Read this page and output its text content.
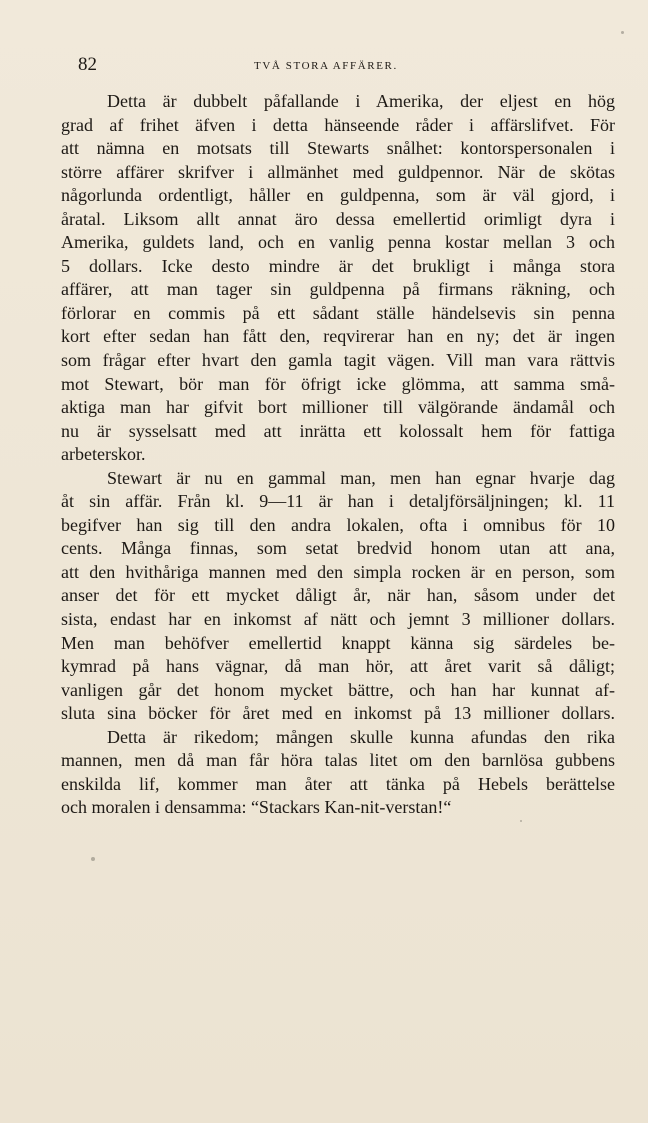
82	TVÅ STORA AFFÄRER.
Detta är dubbelt påfallande i Amerika, der eljest en hög
grad af frihet äfven i detta hänseende råder i affärslifvet. För
att nämna en motsats till Stewarts snålhet: kontorspersonalen i
större affärer skrifver i allmänhet med guldpennor. När de skötas
någorlunda ordentligt, håller en guldpenna, som är väl gjord, i
åratal. Liksom allt annat äro dessa emellertid orimligt dyra i
Amerika, guldets land, och en vanlig penna kostar mellan 3 och
5 dollars. Icke desto mindre är det brukligt i många stora
affärer, att man tager sin guldpenna på firmans räkning, och
förlorar en commis på ett sådant ställe händelsevis sin penna
kort efter sedan han fått den, reqvirerar han en ny; det är ingen
som frågar efter hvart den gamla tagit vägen. Vill man vara rättvis
mot Stewart, bör man för öfrigt icke glömma, att samma små-
aktiga man har gifvit bort millioner till välgörande ändamål och
nu är sysselsatt med att inrätta ett kolossalt hem för fattiga
arbeterskor.
Stewart är nu en gammal man, men han egnar hvarje dag
åt sin affär. Från kl. 9—11 är han i detaljförsäljningen; kl. 11
begifver han sig till den andra lokalen, ofta i omnibus för 10
cents. Många finnas, som setat bredvid honom utan att ana,
att den hvithåriga mannen med den simpla rocken är en person, som
anser det för ett mycket dåligt år, när han, såsom under det
sista, endast har en inkomst af nätt och jemnt 3 millioner dollars.
Men man behöfver emellertid knappt känna sig särdeles be-
kymrad på hans vägnar, då man hör, att året varit så dåligt;
vanligen går det honom mycket bättre, och han har kunnat af-
sluta sina böcker för året med en inkomst på 13 millioner dollars.
Detta är rikedom; mången skulle kunna afundas den rika
mannen, men då man får höra talas litet om den barnlösa gubbens
enskilda lif, kommer man åter att tänka på Hebels berättelse
och moralen i densamma: “Stackars Kan-nit-verstan!“
